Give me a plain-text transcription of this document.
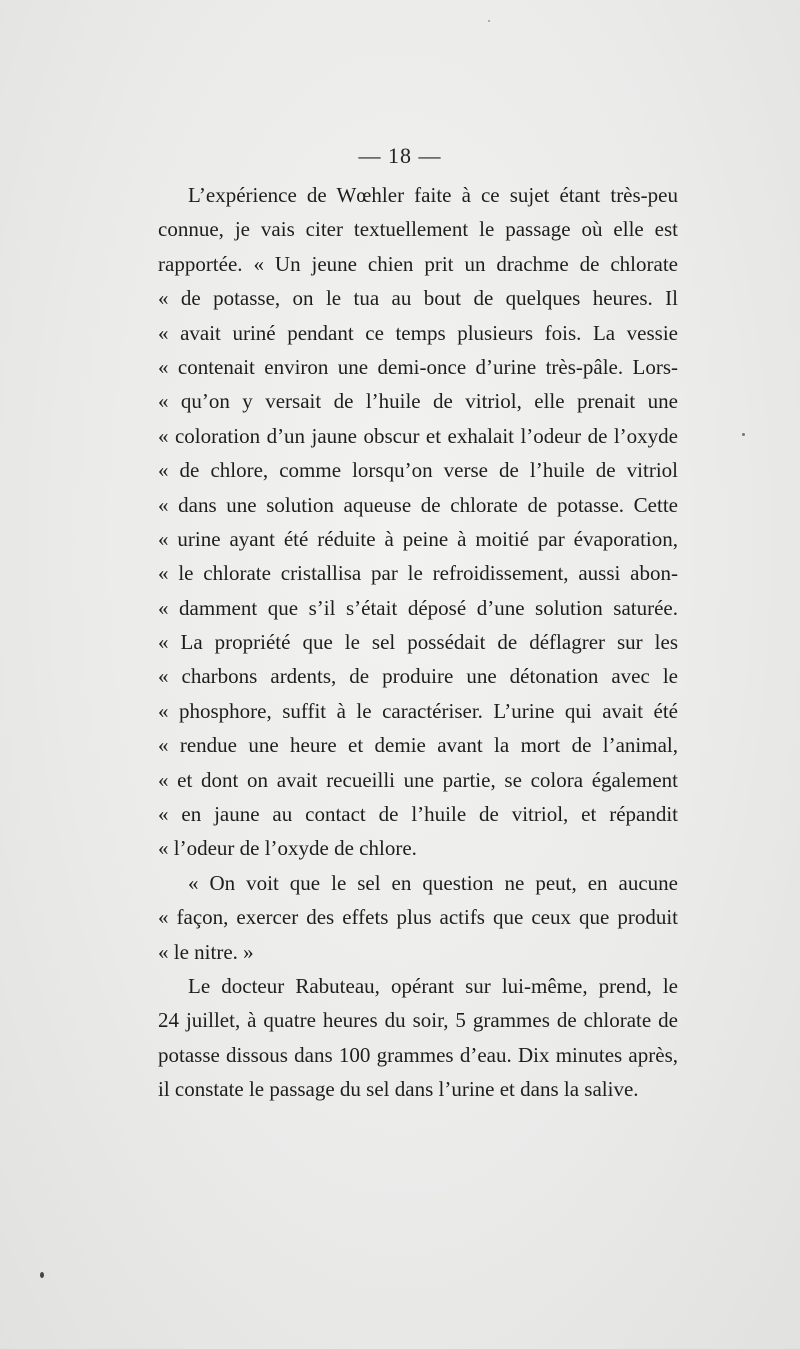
— 18 —
L’expérience de Wœhler faite à ce sujet étant très-peu
connue, je vais citer textuellement le passage où elle est
rapportée. « Un jeune chien prit un drachme de chlorate
« de potasse, on le tua au bout de quelques heures. Il
« avait uriné pendant ce temps plusieurs fois. La vessie
« contenait environ une demi-once d’urine très-pâle. Lors-
« qu’on y versait de l’huile de vitriol, elle prenait une
« coloration d’un jaune obscur et exhalait l’odeur de l’oxyde
« de chlore, comme lorsqu’on verse de l’huile de vitriol
« dans une solution aqueuse de chlorate de potasse. Cette
« urine ayant été réduite à peine à moitié par évaporation,
« le chlorate cristallisa par le refroidissement, aussi abon-
« damment que s’il s’était déposé d’une solution saturée.
« La propriété que le sel possédait de déflagrer sur les
« charbons ardents, de produire une détonation avec le
« phosphore, suffit à le caractériser. L’urine qui avait été
« rendue une heure et demie avant la mort de l’animal,
« et dont on avait recueilli une partie, se colora également
« en jaune au contact de l’huile de vitriol, et répandit
« l’odeur de l’oxyde de chlore.
« On voit que le sel en question ne peut, en aucune
« façon, exercer des effets plus actifs que ceux que produit
« le nitre. »
Le docteur Rabuteau, opérant sur lui-même, prend, le
24 juillet, à quatre heures du soir, 5 grammes de chlorate de
potasse dissous dans 100 grammes d’eau. Dix minutes après,
il constate le passage du sel dans l’urine et dans la salive.
